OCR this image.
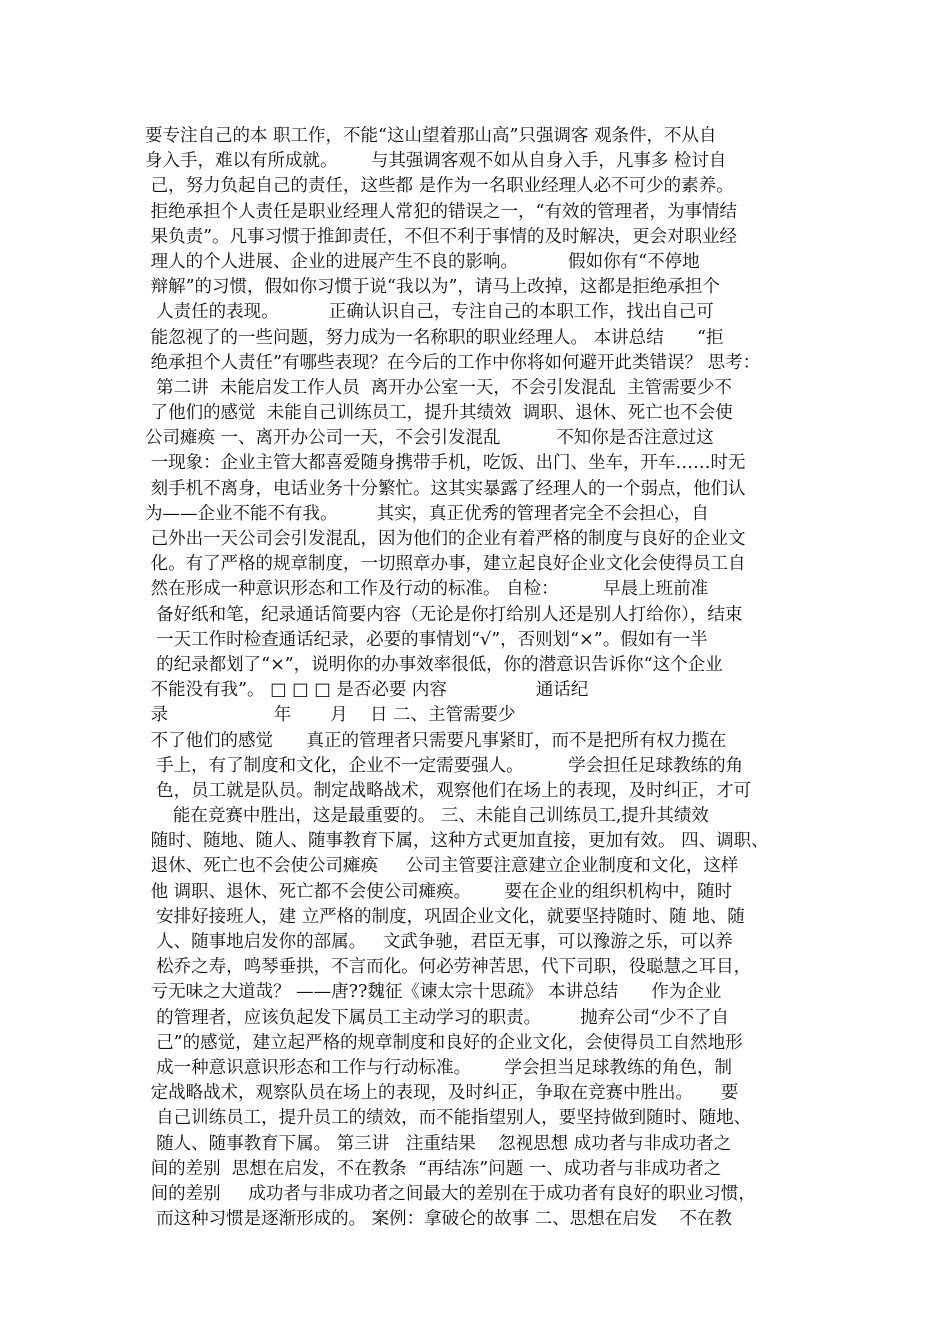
要专注自己的本 职工作，不能“这山望着那山高”只强调客 观条件，不从自
身入手，难以有所成就。      与其强调客观不如从自身入手，凡事多 检讨自
己，努力负起自己的责任，这些都 是作为一名职业经理人必不可少的素养。
拒绝承担个人责任是职业经理人常犯的错误之一，“有效的管理者，为事情结
果负责”。凡事习惯于推卸责任，不但不利于事情的及时解决，更会对职业经
理人的个人进展、企业的进展产生不良的影响。         假如你有“不停地
辩解”的习惯，假如你习惯于说“我以为”，请马上改掉，这都是拒绝承担个
人责任的表现。         正确认识自己，专注自己的本职工作，找出自己可
能忽视了的一些问题，努力成为一名称职的职业经理人。 本讲总结      “拒
绝承担个人责任”有哪些表现？在今后的工作中你将如何避开此类错误？ 思考：
第二讲  未能启发工作人员  离开办公室一天，不会引发混乱  主管需要少不
了他们的感觉  未能自己训练员工，提升其绩效  调职、退休、死亡也不会使
公司瘫痪 一、离开办公司一天，不会引发混乱          不知你是否注意过这
一现象：企业主管大都喜爱随身携带手机，吃饭、出门、坐车，开车……时无
刻手机不离身，电话业务十分繁忙。这其实暴露了经理人的一个弱点，他们认
为——企业不能不有我。       其实，真正优秀的管理者完全不会担心，自
己外出一天公司会引发混乱，因为他们的企业有着严格的制度与良好的企业文
化。有了严格的规章制度，一切照章办事，建立起良好企业文化会使得员工自
然在形成一种意识形态和工作及行动的标准。 自检：        早晨上班前准
备好纸和笔，纪录通话简要内容（无论是你打给别人还是别人打给你），结束
一天工作时检查通话纪录，必要的事情划“√”，否则划“×”。假如有一半
的纪录都划了“×”，说明你的办事效率很低，你的潜意识告诉你“这个企业
不能没有我”。 □ □ □ 是否必要 内容                通话纪
录                   年       月    日 二、主管需要少
不了他们的感觉      真正的管理者只需要凡事紧盯，而不是把所有权力揽在
手上，有了制度和文化，企业不一定需要强人。        学会担任足球教练的角
色，员工就是队员。制定战略战术，观察他们在场上的表现，及时纠正，才可
能在竞赛中胜出，这是最重要的。 三、未能自己训练员工,提升其绩效
随时、随地、随人、随事教育下属，这种方式更加直接，更加有效。 四、调职、
退休、死亡也不会使公司瘫痪     公司主管要注意建立企业制度和文化，这样
他 调职、退休、死亡都不会使公司瘫痪。      要在企业的组织机构中，随时
安排好接班人，建 立严格的制度，巩固企业文化，就要坚持随时、随 地、随
人、随事地启发你的部属。   文武争驰，君臣无事，可以豫游之乐，可以养
松乔之寿，鸣琴垂拱，不言而化。何必劳神苦思，代下司职，役聪慧之耳目，
亏无味之大道哉？ ——唐??魏征《谏太宗十思疏》 本讲总结      作为企业
的管理者，应该负起发下属员工主动学习的职责。       抛弃公司“少不了自
己”的感觉，建立起严格的规章制度和良好的企业文化，会使得员工自然地形
成一种意识意识形态和工作与行动标准。      学会担当足球教练的角色，制
定战略战术，观察队员在场上的表现，及时纠正，争取在竞赛中胜出。     要
自己训练员工，提升员工的绩效，而不能指望别人，要坚持做到随时、随地、
随人、随事教育下属。 第三讲   注重结果    忽视思想 成功者与非成功者之
间的差别  思想在启发，不在教条  “再结冻”问题 一、成功者与非成功者之
间的差别     成功者与非成功者之间最大的差别在于成功者有良好的职业习惯，
而这种习惯是逐渐形成的。 案例：拿破仑的故事 二、思想在启发    不在教
